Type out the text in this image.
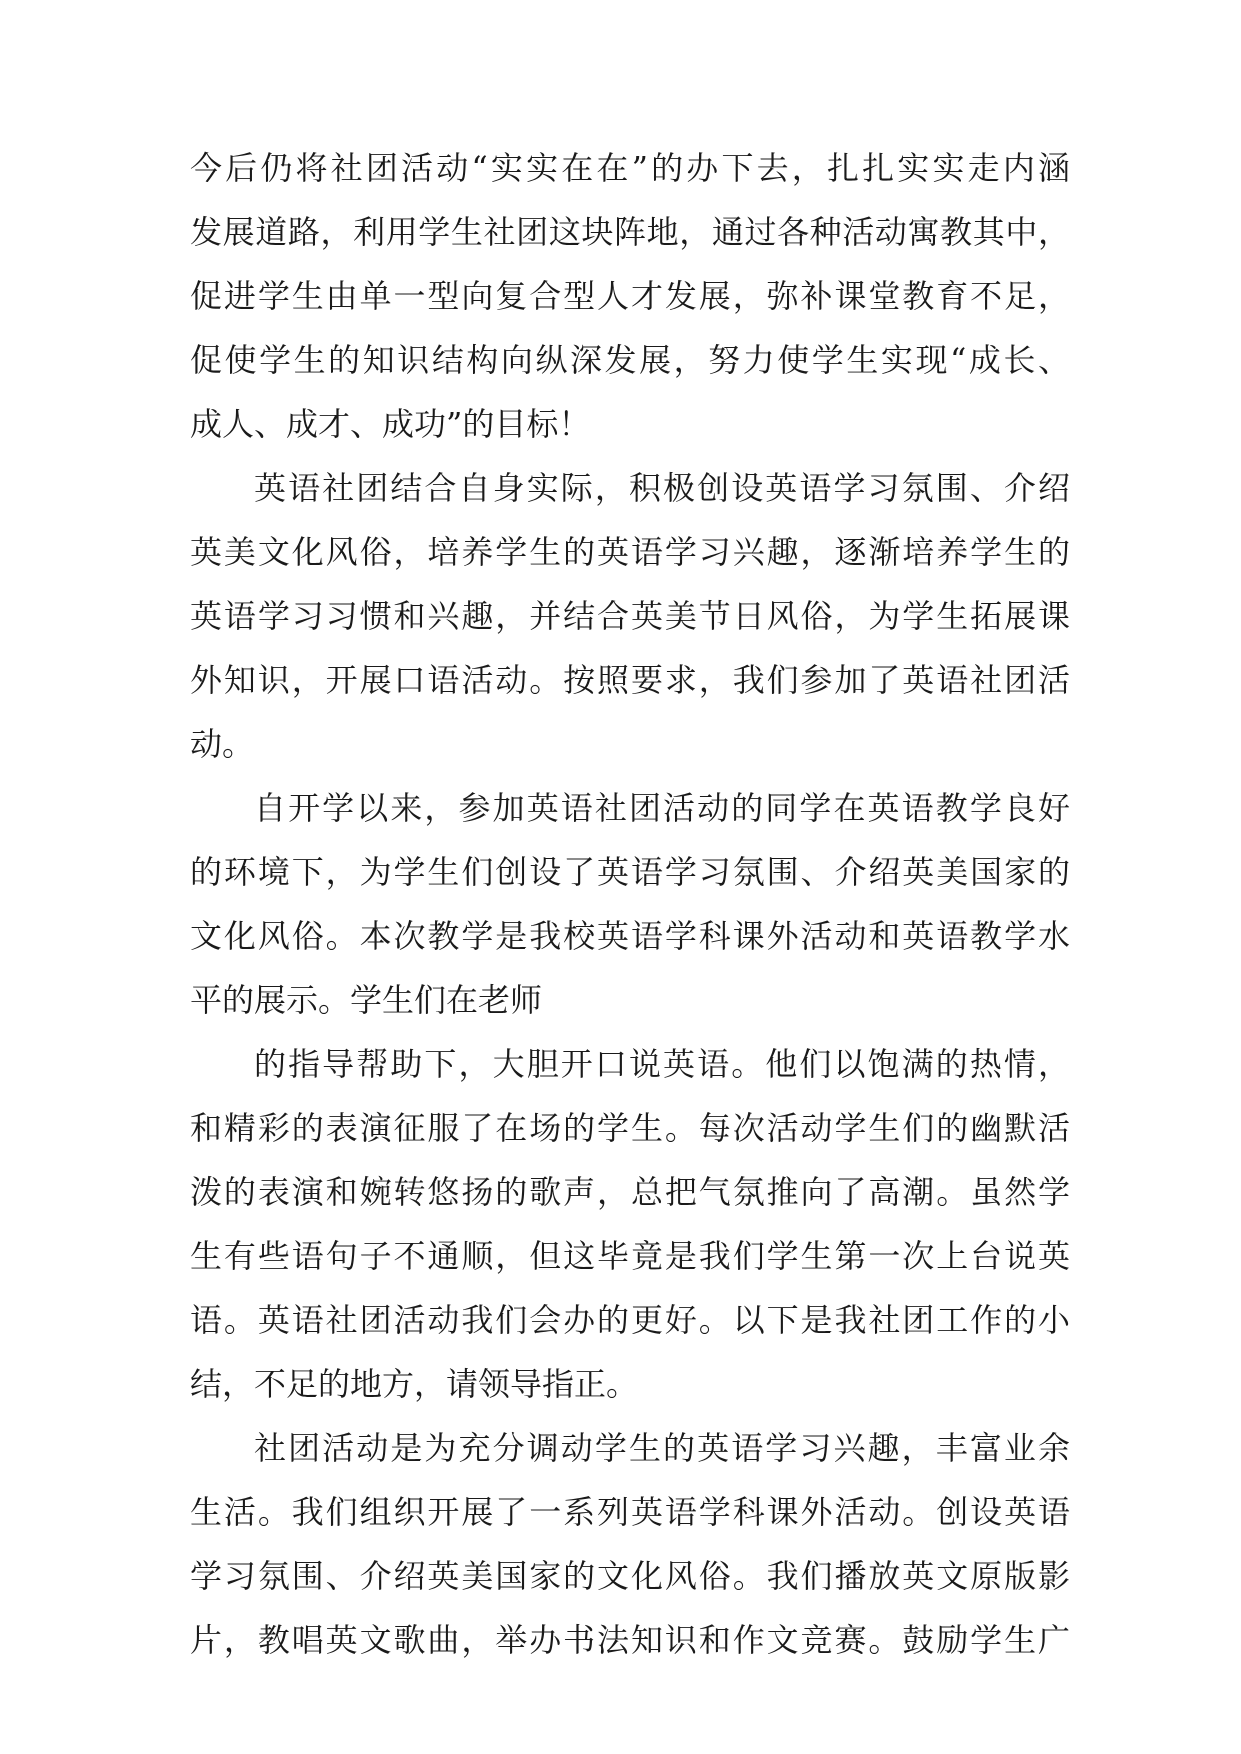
今后仍将社团活动“实实在在”的办下去，扎扎实实走内涵
发展道路，利用学生社团这块阵地，通过各种活动寓教其中，
促进学生由单一型向复合型人才发展，弥补课堂教育不足，
促使学生的知识结构向纵深发展，努力使学生实现“成长、
成人、成才、成功”的目标！
英语社团结合自身实际，积极创设英语学习氛围、介绍
英美文化风俗，培养学生的英语学习兴趣，逐渐培养学生的
英语学习习惯和兴趣，并结合英美节日风俗，为学生拓展课
外知识，开展口语活动。按照要求，我们参加了英语社团活
动。
自开学以来，参加英语社团活动的同学在英语教学良好
的环境下，为学生们创设了英语学习氛围、介绍英美国家的
文化风俗。本次教学是我校英语学科课外活动和英语教学水
平的展示。学生们在老师
的指导帮助下，大胆开口说英语。他们以饱满的热情，
和精彩的表演征服了在场的学生。每次活动学生们的幽默活
泼的表演和婉转悠扬的歌声，总把气氛推向了高潮。虽然学
生有些语句子不通顺，但这毕竟是我们学生第一次上台说英
语。英语社团活动我们会办的更好。以下是我社团工作的小
结，不足的地方，请领导指正。
社团活动是为充分调动学生的英语学习兴趣，丰富业余
生活。我们组织开展了一系列英语学科课外活动。创设英语
学习氛围、介绍英美国家的文化风俗。我们播放英文原版影
片，教唱英文歌曲，举办书法知识和作文竞赛。鼓励学生广
